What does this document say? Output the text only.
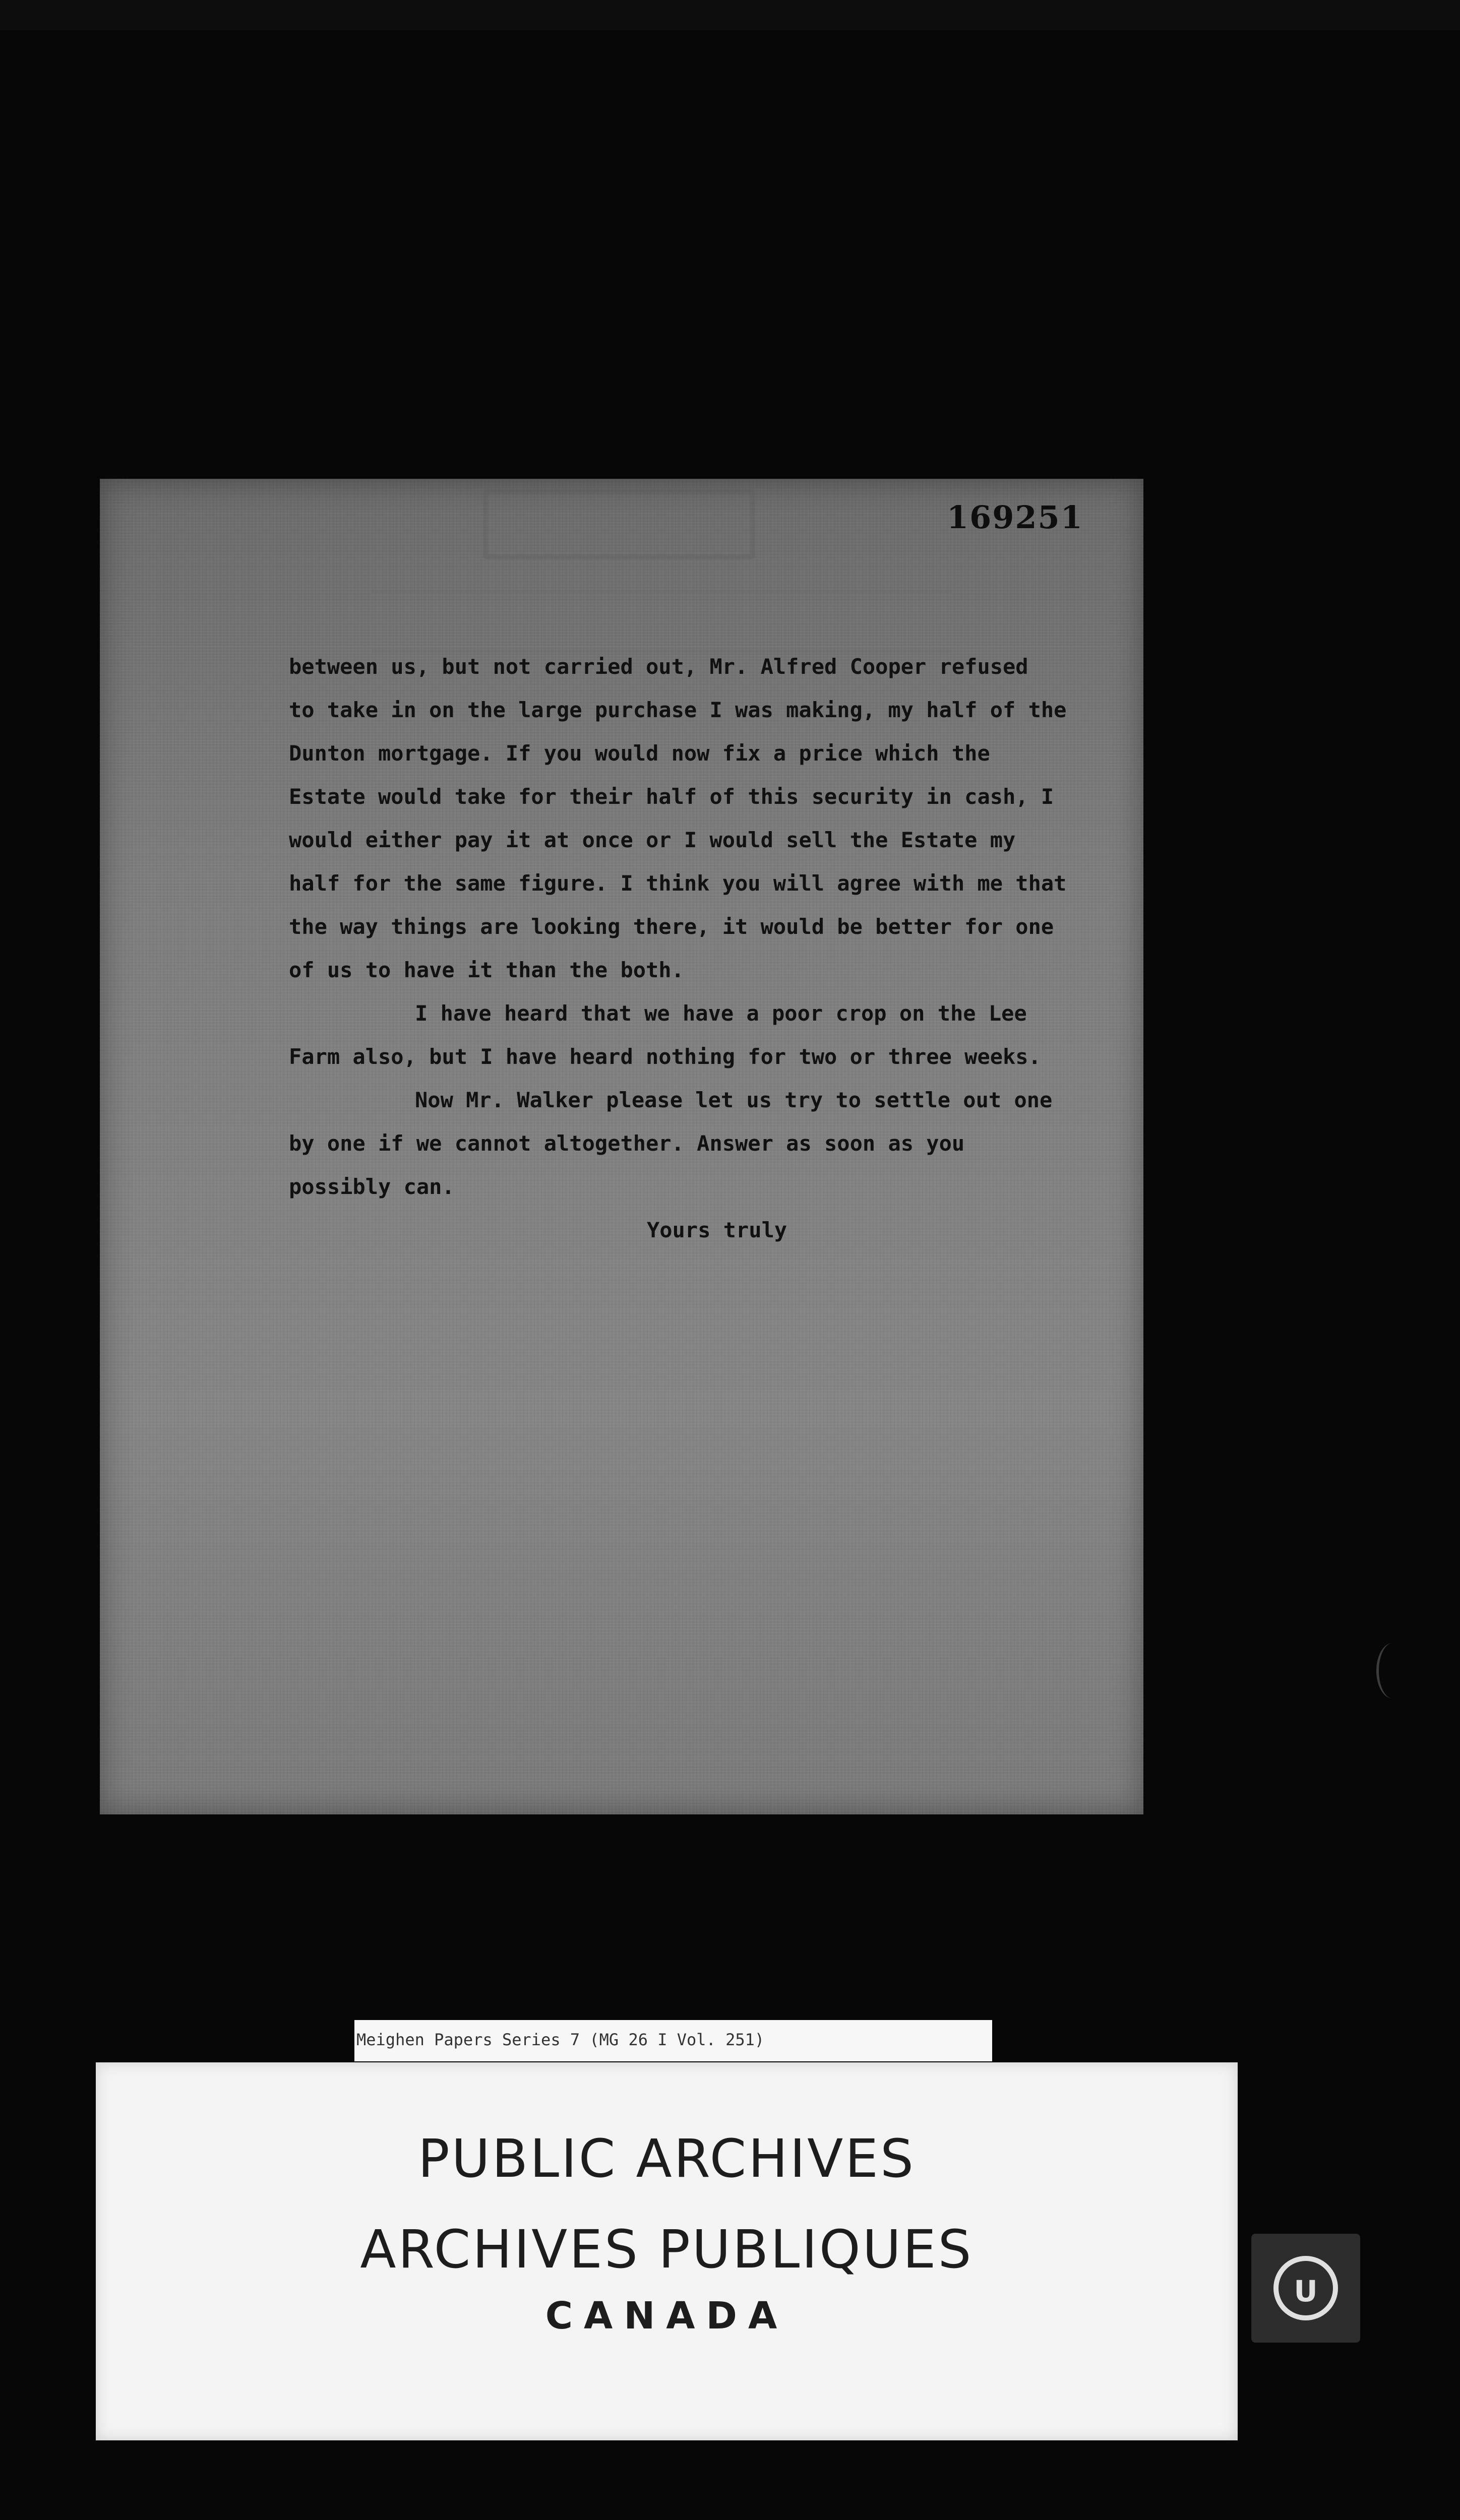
169251
between us, but not carried out, Mr. Alfred Cooper refused
to take in on the large purchase I was making, my half of the
Dunton mortgage. If you would now fix a price which the
Estate would take for their half of this security in cash, I
would either pay it at once or I would sell the Estate my
half for the same figure. I think you will agree with me that
the way things are looking there, it would be better for one
of us to have it than the both.
I have heard that we have a poor crop on the Lee
Farm also, but I have heard nothing for two or three weeks.
Now Mr. Walker please let us try to settle out one
by one if we cannot altogether. Answer as soon as you
possibly can.
Yours truly
Meighen Papers Series 7 (MG 26 I Vol. 251)
PUBLIC ARCHIVES
ARCHIVES PUBLIQUES
CANADA
U
